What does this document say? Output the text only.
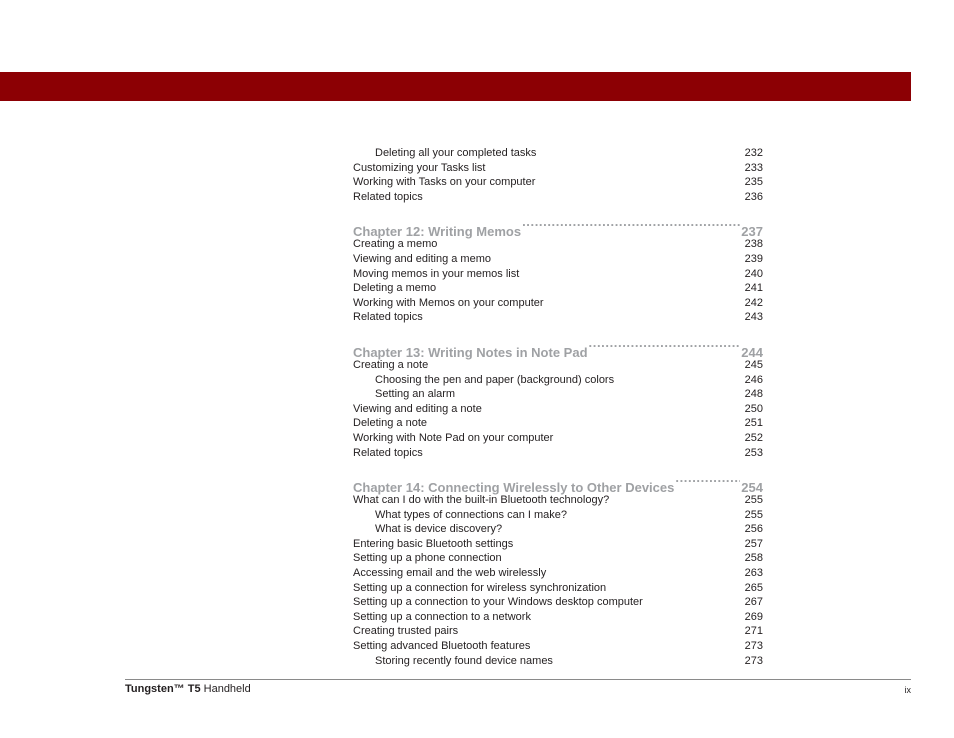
Deleting all your completed tasks	232
Customizing your Tasks list	233
Working with Tasks on your computer	235
Related topics	236
Chapter 12: Writing Memos .....	237
Creating a memo	238
Viewing and editing a memo	239
Moving memos in your memos list	240
Deleting a memo	241
Working with Memos on your computer	242
Related topics	243
Chapter 13: Writing Notes in Note Pad .....	244
Creating a note	245
Choosing the pen and paper (background) colors	246
Setting an alarm	248
Viewing and editing a note	250
Deleting a note	251
Working with Note Pad on your computer	252
Related topics	253
Chapter 14: Connecting Wirelessly to Other Devices .....	254
What can I do with the built-in Bluetooth technology?	255
What types of connections can I make?	255
What is device discovery?	256
Entering basic Bluetooth settings	257
Setting up a phone connection	258
Accessing email and the web wirelessly	263
Setting up a connection for wireless synchronization	265
Setting up a connection to your Windows desktop computer	267
Setting up a connection to a network	269
Creating trusted pairs	271
Setting advanced Bluetooth features	273
Storing recently found device names	273
Tungsten™ T5 Handheld	ix
